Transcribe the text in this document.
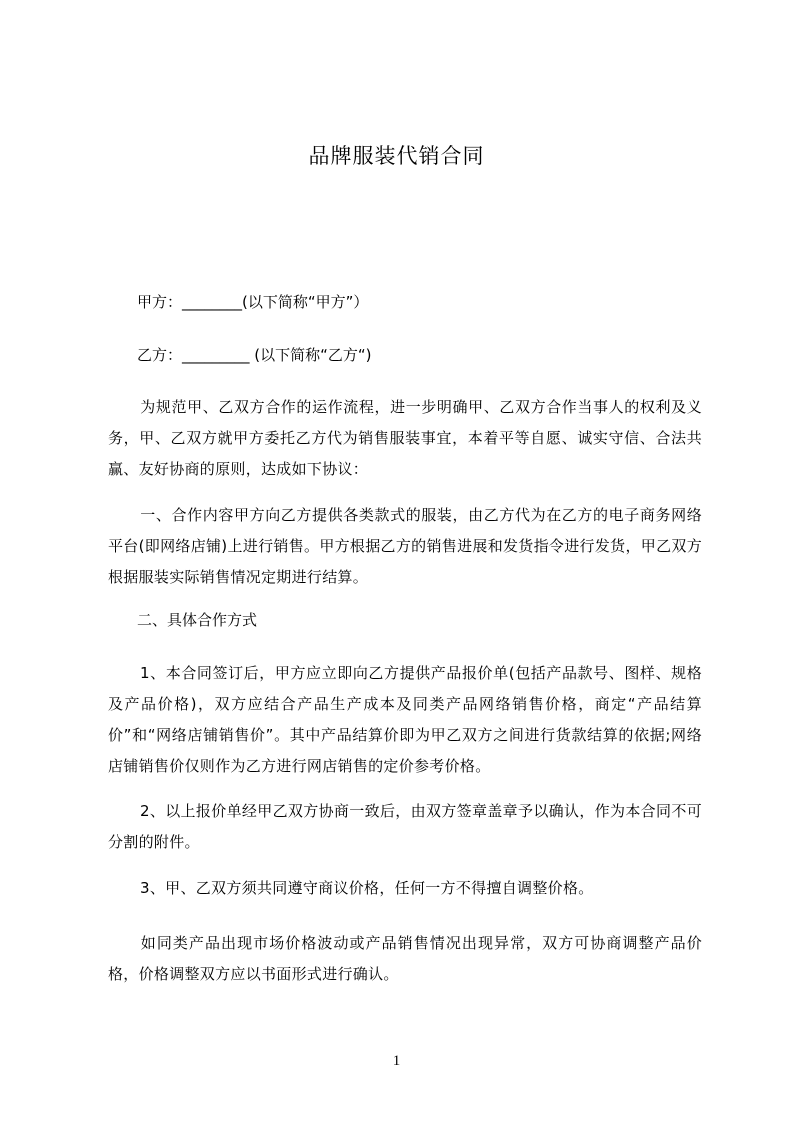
品牌服装代销合同
甲方：________(以下简称“甲方”）
乙方：_________ (以下简称“乙方“)

为规范甲、乙双方合作的运作流程，进一步明确甲、乙双方合作当事人的权利及义务，甲、乙双方就甲方委托乙方代为销售服装事宜，本着平等自愿、诚实守信、合法共赢、友好协商的原则，达成如下协议：

一、合作内容甲方向乙方提供各类款式的服装，由乙方代为在乙方的电子商务网络平台(即网络店铺)上进行销售。甲方根据乙方的销售进展和发货指令进行发货，甲乙双方根据服装实际销售情况定期进行结算。

二、具体合作方式

1、本合同签订后，甲方应立即向乙方提供产品报价单(包括产品款号、图样、规格及产品价格)，双方应结合产品生产成本及同类产品网络销售价格，商定“产品结算价”和“网络店铺销售价”。其中产品结算价即为甲乙双方之间进行货款结算的依据;网络店铺销售价仅则作为乙方进行网店销售的定价参考价格。

2、以上报价单经甲乙双方协商一致后，由双方签章盖章予以确认，作为本合同不可分割的附件。

3、甲、乙双方须共同遵守商议价格，任何一方不得擅自调整价格。

如同类产品出现市场价格波动或产品销售情况出现异常，双方可协商调整产品价格，价格调整双方应以书面形式进行确认。

1
